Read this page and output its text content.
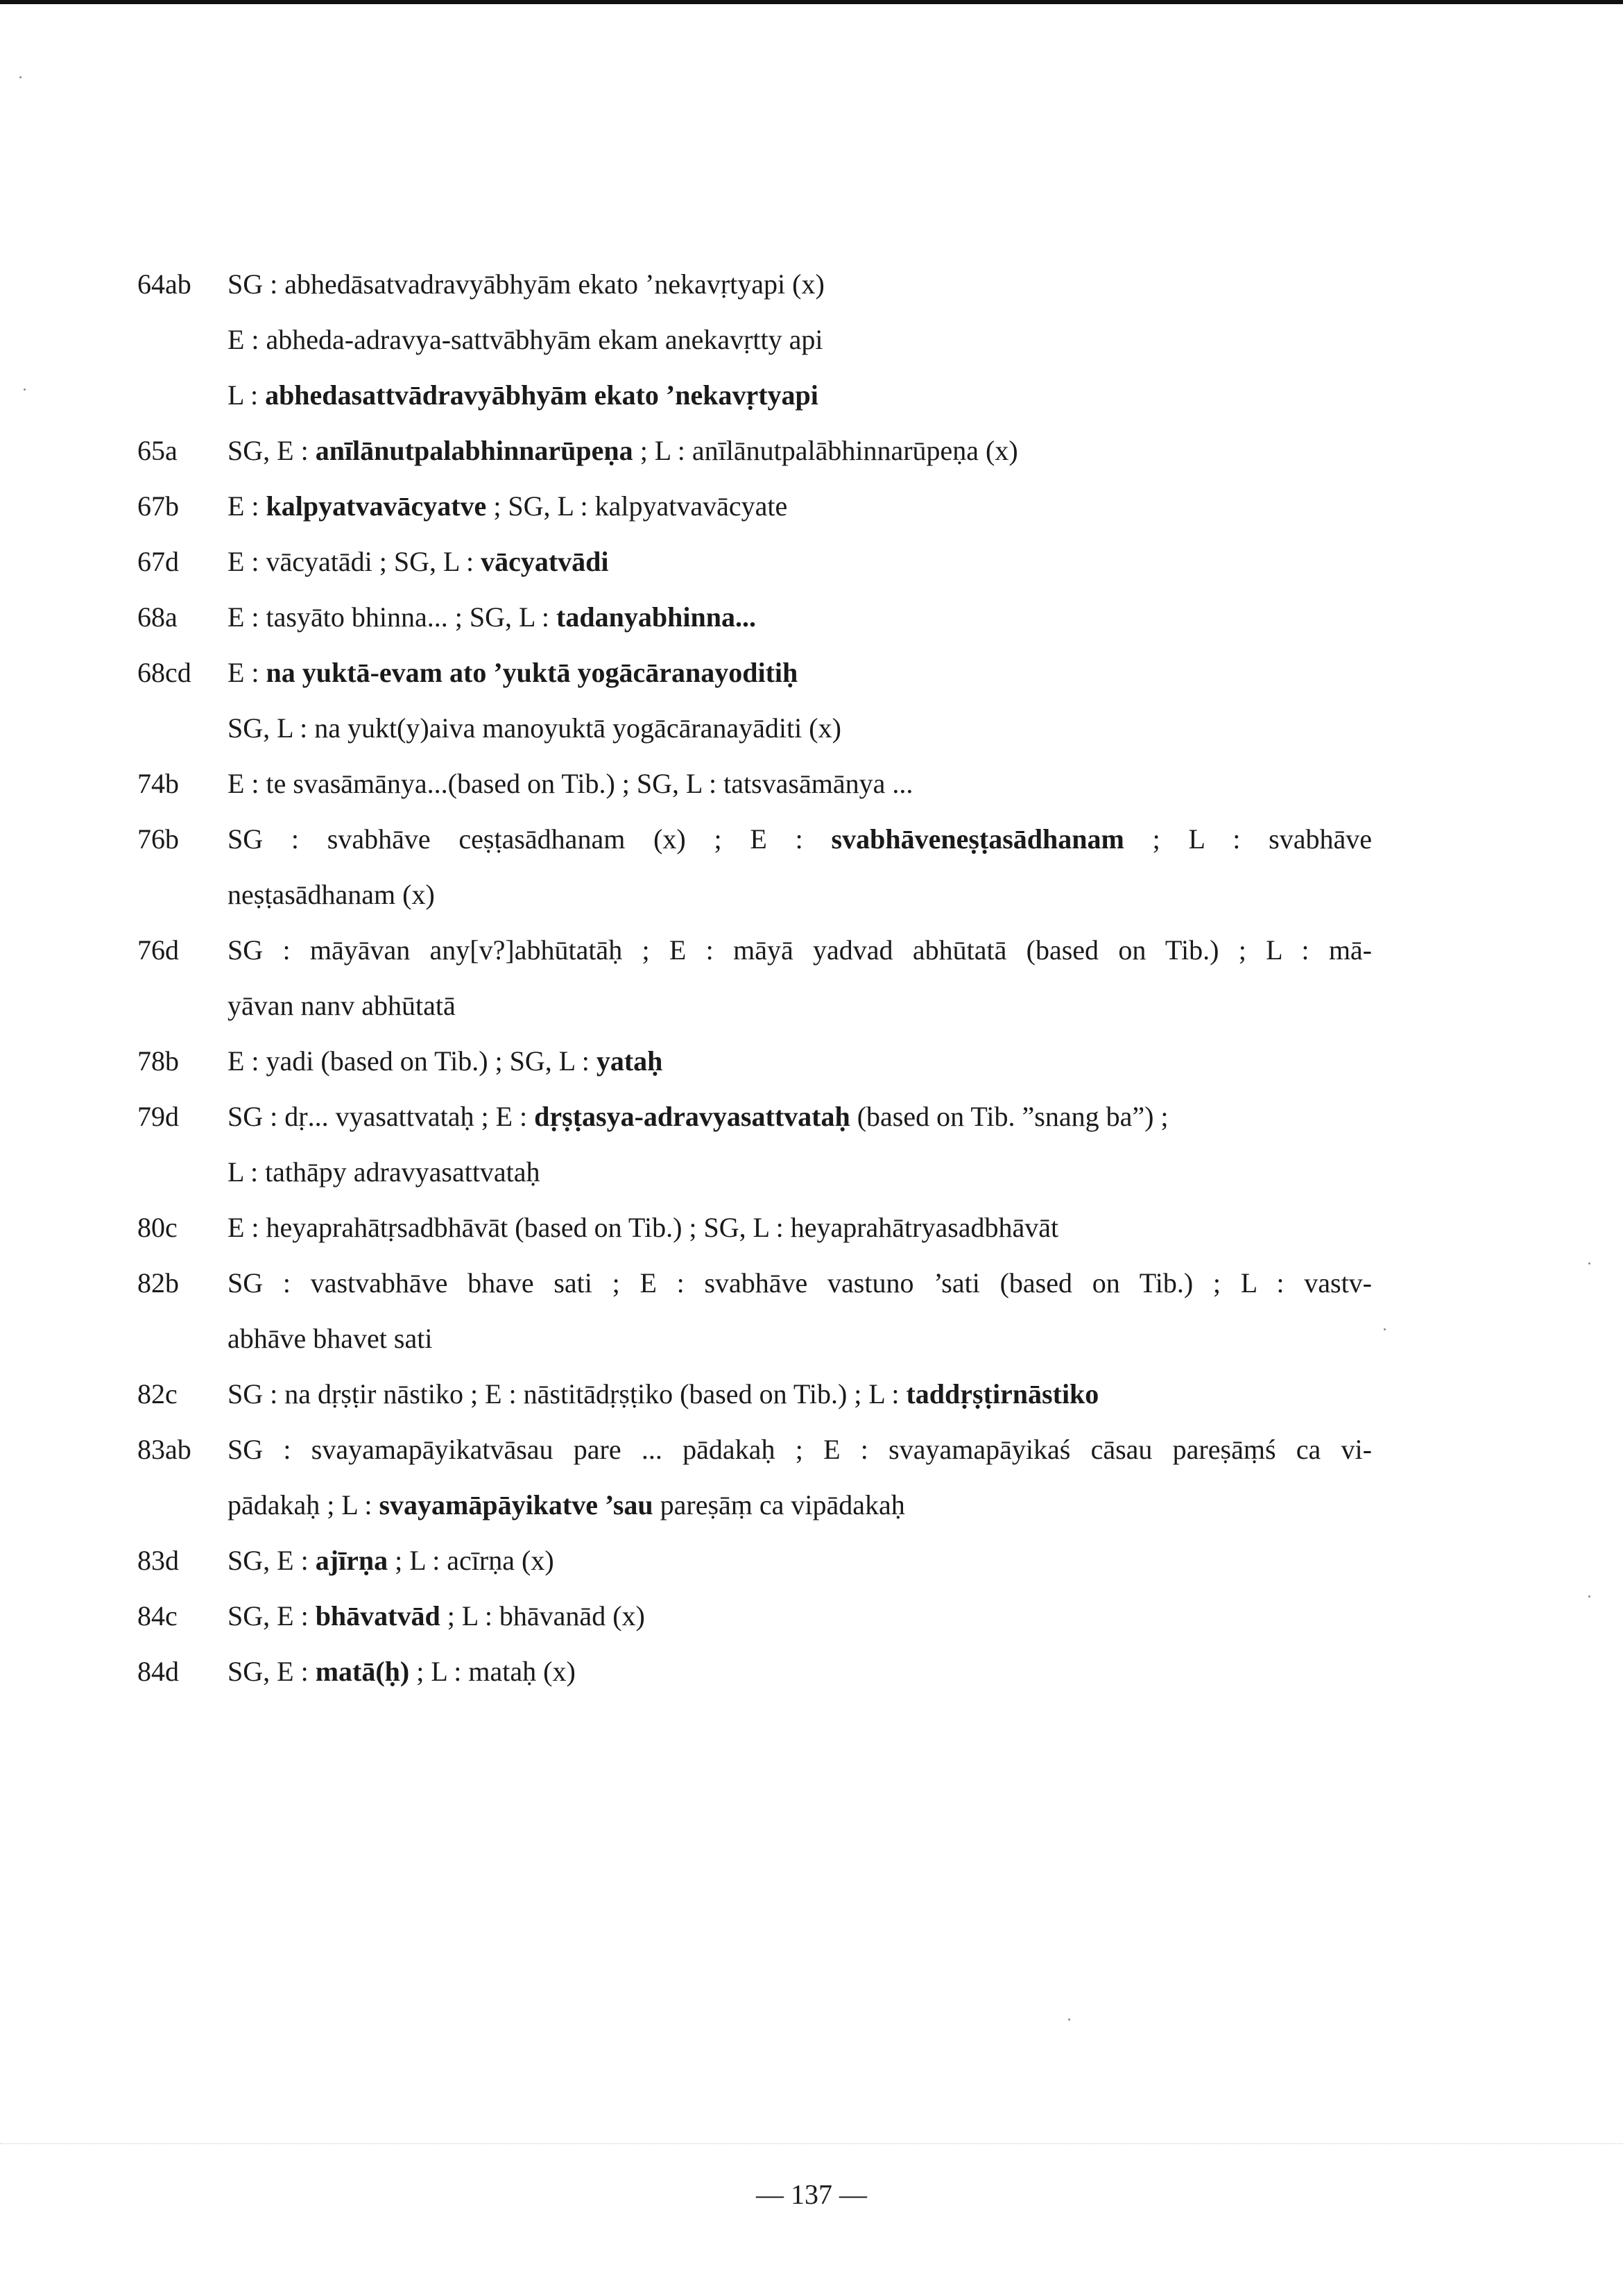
64ab	SG : abhedāsatvadravyābhyām ekato ’nekavṛtyapi (x)
E : abheda-adravya-sattvābhyām ekam anekavṛtty api
L : abhedasattvādravyābhyām ekato ’nekavṛtyapi
65a	SG, E : anīlānutpalabhinnarūpeṇa ; L : anīlānutpalābhinnarūpeṇa (x)
67b	E : kalpyatvavācyatve ; SG, L : kalpyatvavācyate
67d	E : vācyatādi ; SG, L : vācyatvādi
68a	E : tasyāto bhinna... ; SG, L : tadanyabhinna...
68cd	E : na yuktā-evam ato ’yuktā yogācāranayoditiḥ
SG, L : na yukt(y)aiva manoyuktā yogācāranayāditi (x)
74b	E : te svasāmānya...(based on Tib.) ; SG, L : tatsvasāmānya ...
76b	SG : svabhāve ceṣṭasādhanam (x) ; E : svabhāveneṣṭasādhanam ; L : svabhāve
neṣṭasādhanam (x)
76d	SG : māyāvan any[v?]abhūtatāḥ ; E : māyā yadvad abhūtatā (based on Tib.) ; L : mā-
yāvan nanv abhūtatā
78b	E : yadi (based on Tib.) ; SG, L : yataḥ
79d	SG : dṛ... vyasattvataḥ ; E : dṛṣṭasya-adravyasattvataḥ (based on Tib. ”snang ba”) ;
L : tathāpy adravyasattvataḥ
80c	E : heyaprahātṛsadbhāvāt (based on Tib.) ; SG, L : heyaprahātryasadbhāvāt
82b	SG : vastvabhāve bhave sati ; E : svabhāve vastuno ’sati (based on Tib.) ; L : vastv-
abhāve bhavet sati
82c	SG : na dṛṣṭir nāstiko ; E : nāstitādṛṣṭiko (based on Tib.) ; L : taddṛṣṭirnāstiko
83ab	SG : svayamapāyikatvāsau pare ... pādakaḥ ; E : svayamapāyikaś cāsau pareṣāṃś ca vi-
pādakaḥ ; L : svayamāpāyikatve ’sau pareṣāṃ ca vipādakaḥ
83d	SG, E : ajīrṇa ; L : acīrṇa (x)
84c	SG, E : bhāvatvād ; L : bhāvanād (x)
84d	SG, E : matā(ḥ) ; L : mataḥ (x)
— 137 —
